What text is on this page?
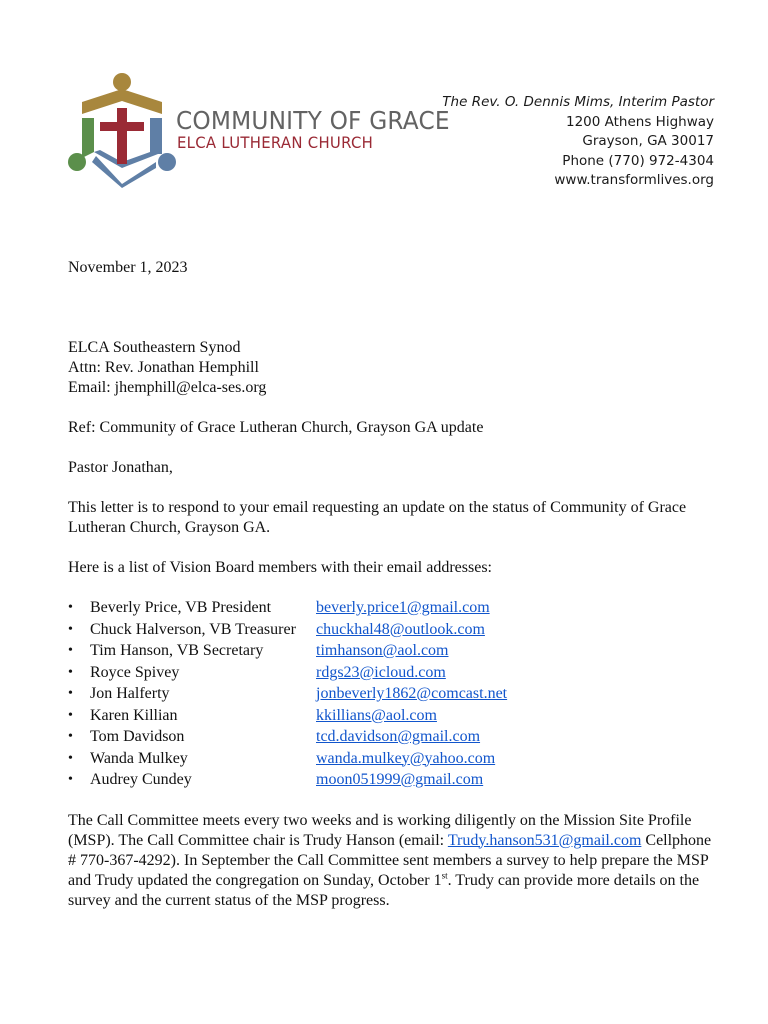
COMMUNITY OF GRACE
ELCA LUTHERAN CHURCH
The Rev. O. Dennis Mims, Interim Pastor
1200 Athens Highway
Grayson, GA 30017
Phone (770) 972-4304
www.transformlives.org

November 1, 2023

ELCA Southeastern Synod

Attn: Rev. Jonathan Hemphill

Email: jhemphill@elca-ses.org

Ref: Community of Grace Lutheran Church, Grayson GA update

Pastor Jonathan,

This letter is to respond to your email requesting an update on the status of Community of Grace Lutheran Church, Grayson GA.

Here is a list of Vision Board members with their email addresses:

• Beverly Price, VB President	beverly.price1@gmail.com
• Chuck Halverson, VB Treasurer chuckhal48@outlook.com
• Tim Hanson, VB Secretary	timhanson@aol.com
• Royce Spivey	rdgs23@icloud.com
• Jon Halferty	jonbeverly1862@comcast.net
• Karen Killian	kkillians@aol.com
• Tom Davidson	tcd.davidson@gmail.com
• Wanda Mulkey	wanda.mulkey@yahoo.com
• Audrey Cundey	moon051999@gmail.com

The Call Committee meets every two weeks and is working diligently on the Mission Site Profile (MSP). The Call Committee chair is Trudy Hanson (email: Trudy.hanson531@gmail.com Cellphone # 770-367-4292). In September the Call Committee sent members a survey to help prepare the MSP and Trudy updated the congregation on Sunday, October 1st. Trudy can provide more details on the survey and the current status of the MSP progress.
